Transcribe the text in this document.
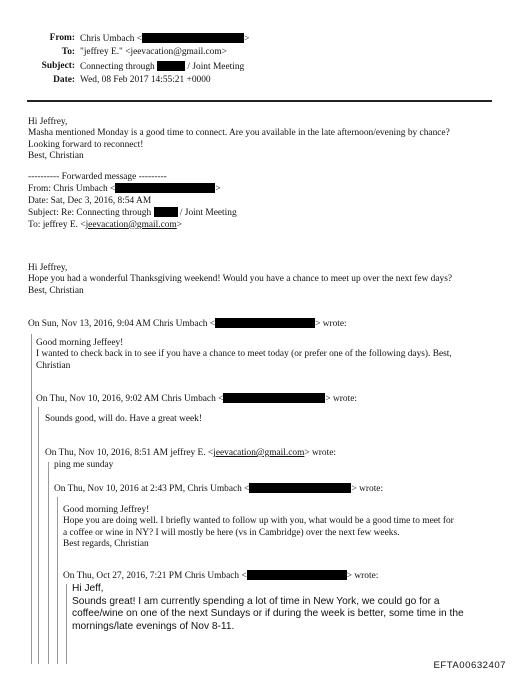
From: Chris Umbach <	>
To: "jeffrey E." <jeevacation@gmail.com>
Subject: Connecting through	/ Joint Meeting
Date: Wed, 08 Feb 2017 14:55:21 +0000
Hi Jeffrey,
Masha mentioned Monday is a good time to connect. Are you available in the late afternoon/evening by chance?
Looking forward to reconnect!
Best, Christian
---------- Forwarded message ---------
From: Chris Umbach <	>
Date: Sat, Dec 3, 2016, 8:54 AM
Subject: Re: Connecting through	/ Joint Meeting
To: jeffrey E. <jeevacation@gmail.com>
Hi Jeffrey,
Hope you had a wonderful Thanksgiving weekend! Would you have a chance to meet up over the next few days?
Best, Christian
On Sun, Nov 13, 2016, 9:04 AM Chris Umbach <	> wrote:
Good morning Jeffeey!
I wanted to check back in to see if you have a chance to meet today (or prefer one of the following days). Best,
Christian
On Thu, Nov 10, 2016, 9:02 AM Chris Umbach <	> wrote:
Sounds good, will do. Have a great week!
On Thu, Nov 10, 2016, 8:51 AM jeffrey E. <jeevacation@gmail.com> wrote:
ping me sunday
On Thu, Nov 10, 2016 at 2:43 PM, Chris Umbach <	> wrote:
Good morning Jeffrey!
Hope you are doing well. I briefly wanted to follow up with you, what would be a good time to meet for
a coffee or wine in NY? I will mostly be here (vs in Cambridge) over the next few weeks.
Best regards, Christian
On Thu, Oct 27, 2016, 7:21 PM Chris Umbach <	> wrote:
Hi Jeff,
Sounds great! I am currently spending a lot of time in New York, we could go for a
coffee/wine on one of the next Sundays or if during the week is better, some time in the
mornings/late evenings of Nov 8-11.
EFTA00632407
